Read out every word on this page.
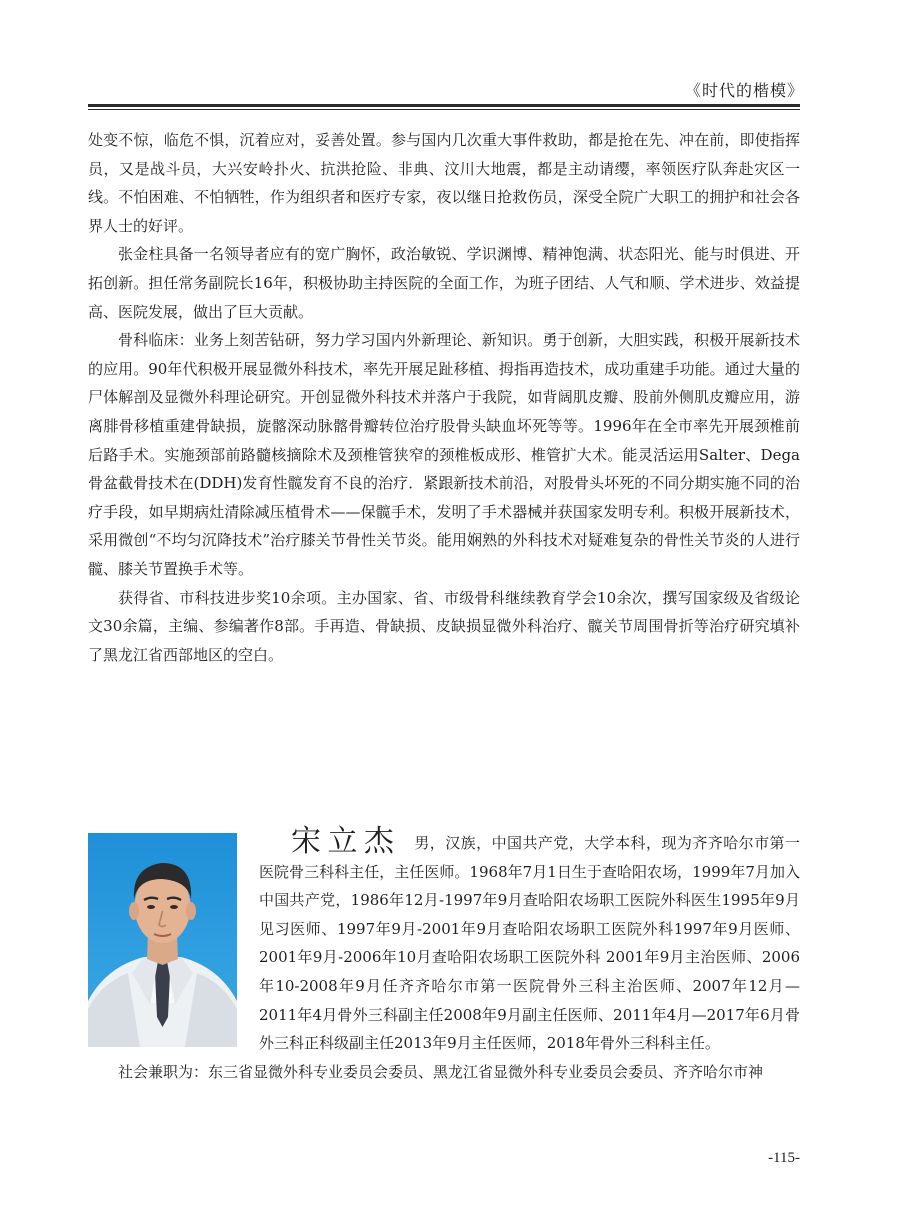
《时代的楷模》

处变不惊，临危不惧，沉着应对，妥善处置。参与国内几次重大事件救助，都是抢在先、冲在前，即使指挥员，又是战斗员，大兴安岭扑火、抗洪抢险、非典、汶川大地震，都是主动请缨，率领医疗队奔赴灾区一线。不怕困难、不怕牺牲，作为组织者和医疗专家，夜以继日抢救伤员，深受全院广大职工的拥护和社会各界人士的好评。

张金柱具备一名领导者应有的宽广胸怀，政治敏锐、学识渊博、精神饱满、状态阳光、能与时俱进、开拓创新。担任常务副院长16年，积极协助主持医院的全面工作，为班子团结、人气和顺、学术进步、效益提高、医院发展，做出了巨大贡献。

骨科临床：业务上刻苦钻研，努力学习国内外新理论、新知识。勇于创新，大胆实践，积极开展新技术的应用。90年代积极开展显微外科技术，率先开展足趾移植、拇指再造技术，成功重建手功能。通过大量的尸体解剖及显微外科理论研究。开创显微外科技术并落户于我院，如背阔肌皮瓣、股前外侧肌皮瓣应用，游离腓骨移植重建骨缺损，旋髂深动脉髂骨瓣转位治疗股骨头缺血坏死等等。1996年在全市率先开展颈椎前后路手术。实施颈部前路髓核摘除术及颈椎管狭窄的颈椎板成形、椎管扩大术。能灵活运用Salter、Dega骨盆截骨技术在(DDH)发育性髋发育不良的治疗．紧跟新技术前沿，对股骨头坏死的不同分期实施不同的治疗手段，如早期病灶清除减压植骨术——保髋手术，发明了手术器械并获国家发明专利。积极开展新技术，采用微创“不均匀沉降技术”治疗膝关节骨性关节炎。能用娴熟的外科技术对疑难复杂的骨性关节炎的人进行髋、膝关节置换手术等。

获得省、市科技进步奖10余项。主办国家、省、市级骨科继续教育学会10余次，撰写国家级及省级论文30余篇，主编、参编著作8部。手再造、骨缺损、皮缺损显微外科治疗、髋关节周围骨折等治疗研究填补了黑龙江省西部地区的空白。

宋立杰 男，汉族，中国共产党，大学本科，现为齐齐哈尔市第一医院骨三科科主任，主任医师。1968年7月1日生于查哈阳农场，1999年7月加入中国共产党，1986年12月-1997年9月查哈阳农场职工医院外科医生1995年9月见习医师、1997年9月-2001年9月查哈阳农场职工医院外科1997年9月医师、2001年9月-2006年10月查哈阳农场职工医院外科 2001年9月主治医师、2006年10-2008年9月任齐齐哈尔市第一医院骨外三科主治医师、2007年12月—2011年4月骨外三科副主任2008年9月副主任医师、2011年4月—2017年6月骨外三科正科级副主任2013年9月主任医师，2018年骨外三科科主任。

社会兼职为：东三省显微外科专业委员会委员、黑龙江省显微外科专业委员会委员、齐齐哈尔市神

-115-
